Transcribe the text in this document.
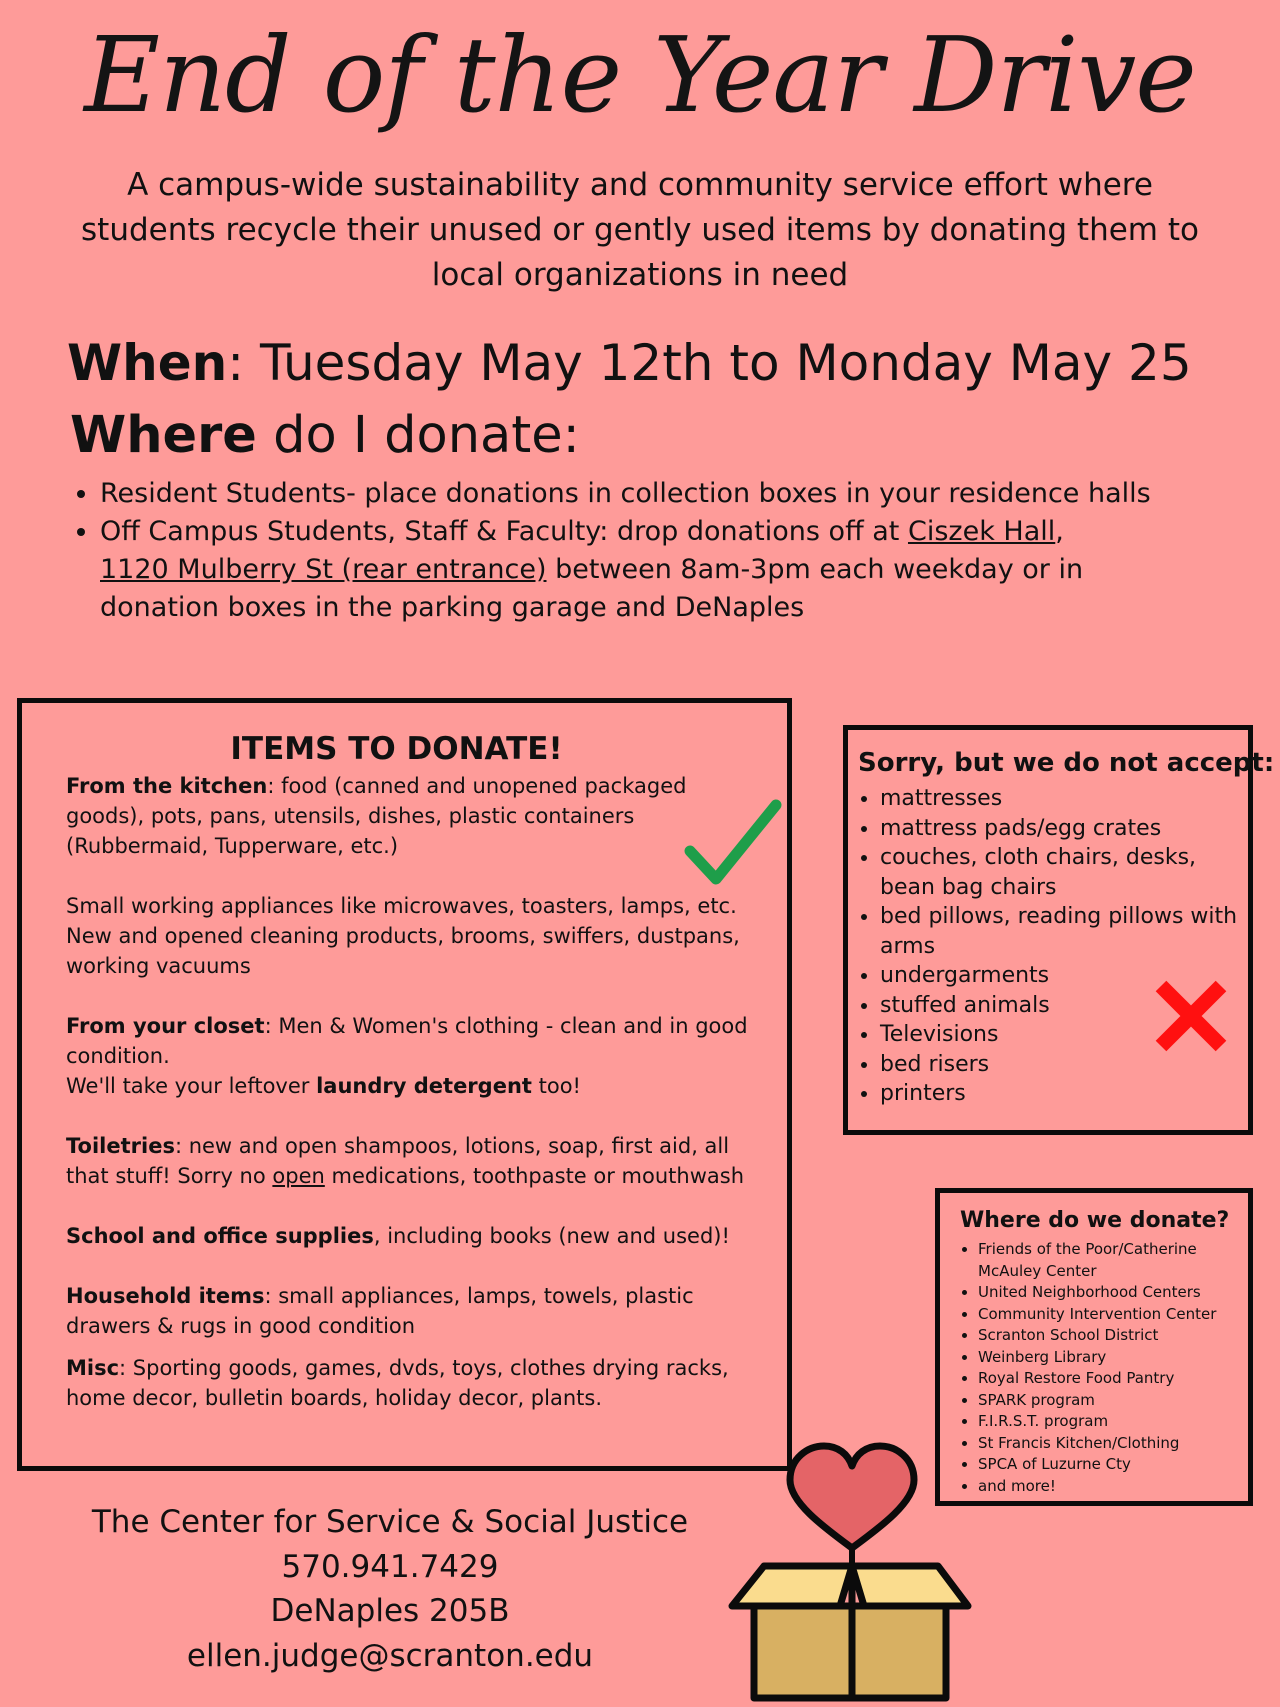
End of the Year Drive

A campus-wide sustainability and community service effort where students recycle their unused or gently used items by donating them to local organizations in need

When: Tuesday May 12th to Monday May 25

Where do I donate:

• Resident Students- place donations in collection boxes in your residence halls
• Off Campus Students, Staff & Faculty: drop donations off at Ciszek Hall,
1120 Mulberry St (rear entrance) between 8am-3pm each weekday or in donation boxes in the parking garage and DeNaples
ITEMS TO DONATE!

From the kitchen: food (canned and unopened packaged goods), pots, pans, utensils, dishes, plastic containers (Rubbermaid, Tupperware, etc.)

Small working appliances like microwaves, toasters, lamps, etc. New and opened cleaning products, brooms, swiffers, dustpans, working vacuums

From your closet: Men & Women's clothing - clean and in good condition.
We'll take your leftover laundry detergent too!

Toiletries: new and open shampoos, lotions, soap, first aid, all that stuff! Sorry no open medications, toothpaste or mouthwash

School and office supplies, including books (new and used)!

Household items: small appliances, lamps, towels, plastic drawers & rugs in good condition

Misc: Sporting goods, games, dvds, toys, clothes drying racks, home decor, bulletin boards, holiday decor, plants.

Sorry, but we do not accept:
• mattresses
• mattress pads/egg crates
• couches, cloth chairs, desks, bean bag chairs
• bed pillows, reading pillows with arms
• undergarments
• stuffed animals
• Televisions
• bed risers
• printers
Where do we donate?
• Friends of the Poor/Catherine McAuley Center
• United Neighborhood Centers
• Community Intervention Center
• Scranton School District
• Weinberg Library
• Royal Restore Food Pantry
• SPARK program
• F.I.R.S.T. program
• St Francis Kitchen/Clothing
• SPCA of Luzurne Cty
• and more!
The Center for Service & Social Justice
570.941.7429
DeNaples 205B
ellen.judge@scranton.edu
